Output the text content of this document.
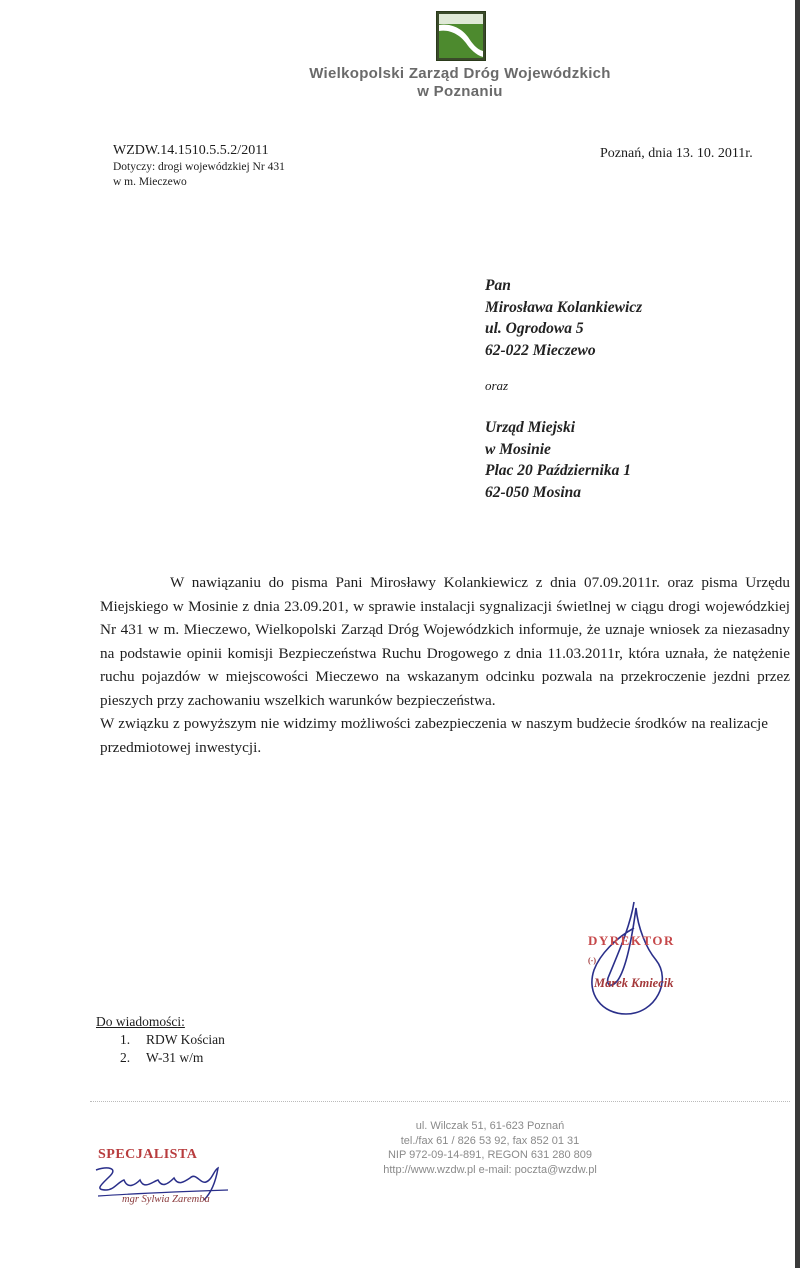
Wielkopolski Zarząd Dróg Wojewódzkich
w Poznaniu
WZDW.14.1510.5.5.2/2011
Dotyczy: drogi wojewódzkiej Nr 431
w m. Mieczewo
Poznań, dnia 13. 10. 2011r.
Pan
Mirosława Kolankiewicz
ul. Ogrodowa 5
62-022 Mieczewo
oraz
Urząd Miejski
w Mosinie
Plac 20 Października 1
62-050 Mosina

W nawiązaniu do pisma Pani Mirosławy Kolankiewicz z dnia 07.09.2011r. oraz pisma Urzędu Miejskiego w Mosinie z dnia 23.09.201, w sprawie instalacji sygnalizacji świetlnej w ciągu drogi wojewódzkiej Nr 431 w m. Mieczewo, Wielkopolski Zarząd Dróg Wojewódzkich informuje, że uznaje wniosek za niezasadny na podstawie opinii komisji Bezpieczeństwa Ruchu Drogowego z dnia 11.03.2011r, która uznała, że natężenie ruchu pojazdów w miejscowości Mieczewo na wskazanym odcinku pozwala na przekroczenie jezdni przez pieszych przy zachowaniu wszelkich warunków bezpieczeństwa.

W związku z powyższym nie widzimy możliwości zabezpieczenia w naszym budżecie środków na realizacje przedmiotowej inwestycji.

DYREKTOR
(-)
Marek Kmiecik
Do wiadomości:
1. RDW Kościan
2. W-31 w/m
ul. Wilczak 51, 61-623 Poznań
tel./fax 61 / 826 53 92, fax 852 01 31
NIP 972-09-14-891, REGON 631 280 809
http://www.wzdw.pl e-mail: poczta@wzdw.pl
SPECJALISTA
mgr Sylwia Zaremba
